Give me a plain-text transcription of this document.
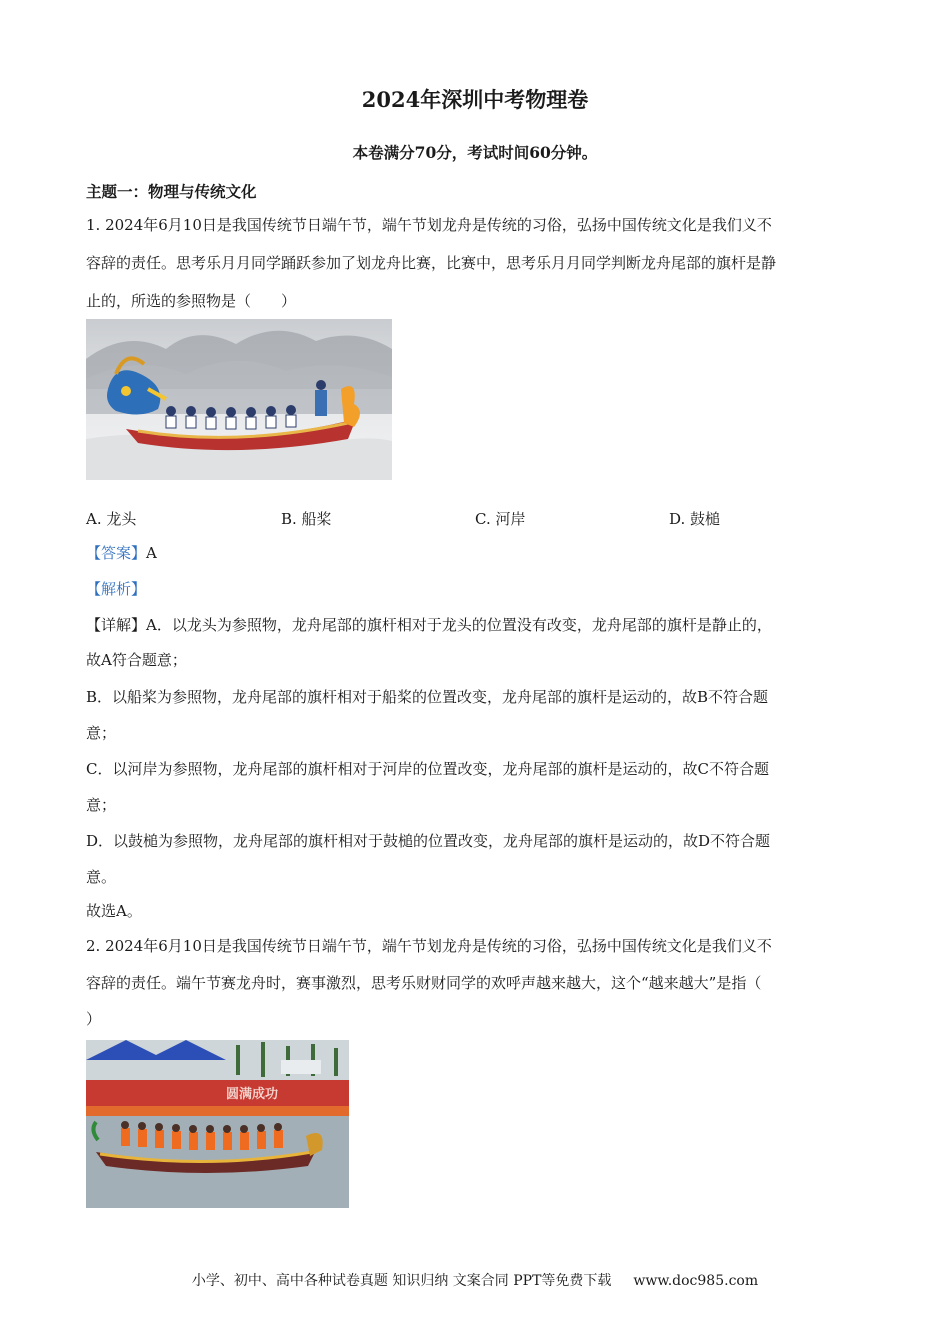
2024年深圳中考物理卷
本卷满分70分，考试时间60分钟。
主题一：物理与传统文化
1. 2024年6月10日是我国传统节日端午节，端午节划龙舟是传统的习俗，弘扬中国传统文化是我们义不
容辞的责任。思考乐月月同学踊跃参加了划龙舟比赛，比赛中，思考乐月月同学判断龙舟尾部的旗杆是静
止的，所选的参照物是（　　）
A. 龙头	B. 船桨	C. 河岸	D. 鼓槌
【答案】A
【解析】
【详解】A．以龙头为参照物，龙舟尾部的旗杆相对于龙头的位置没有改变，龙舟尾部的旗杆是静止的，
故A符合题意；
B．以船桨为参照物，龙舟尾部的旗杆相对于船桨的位置改变，龙舟尾部的旗杆是运动的，故B不符合题
意；
C．以河岸为参照物，龙舟尾部的旗杆相对于河岸的位置改变，龙舟尾部的旗杆是运动的，故C不符合题
意；
D．以鼓槌为参照物，龙舟尾部的旗杆相对于鼓槌的位置改变，龙舟尾部的旗杆是运动的，故D不符合题
意。
故选A。
2. 2024年6月10日是我国传统节日端午节，端午节划龙舟是传统的习俗，弘扬中国传统文化是我们义不
容辞的责任。端午节赛龙舟时，赛事激烈，思考乐财财同学的欢呼声越来越大，这个“越来越大”是指（
）
圆满成功
小学、初中、高中各种试卷真题 知识归纳 文案合同 PPT等免费下载 www.doc985.com
